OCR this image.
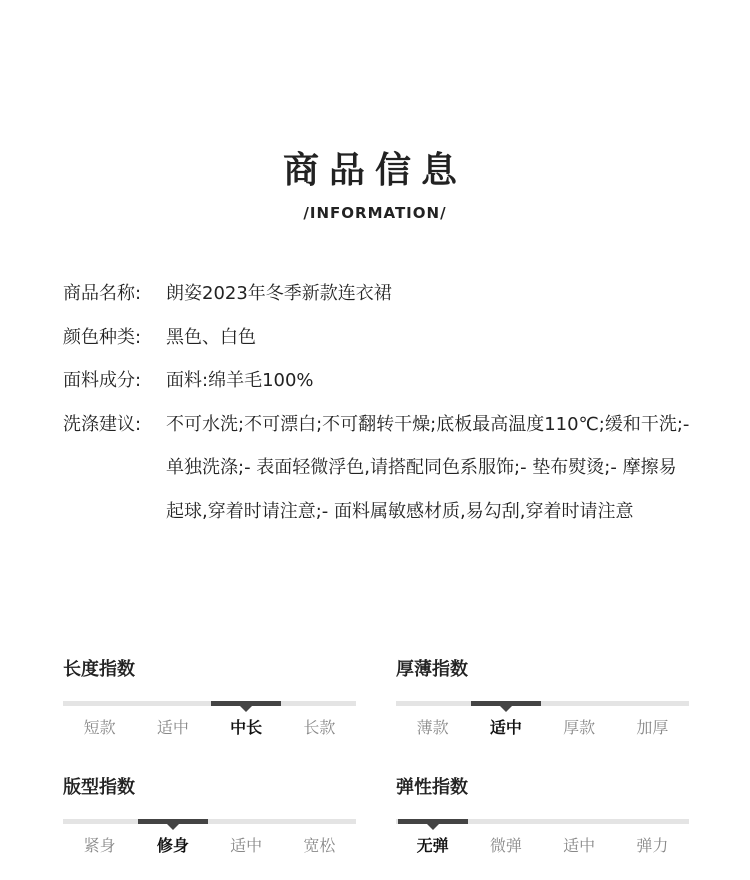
商品信息
/INFORMATION/
商品名称:	朗姿2023年冬季新款连衣裙
颜色种类:	黑色、白色
面料成分:	面料:绵羊毛100%
洗涤建议:	不可水洗;不可漂白;不可翻转干燥;底板最高温度110℃;缓和干洗;- 单独洗涤;- 表面轻微浮色,请搭配同色系服饰;- 垫布熨烫;- 摩擦易起球,穿着时请注意;- 面料属敏感材质,易勾刮,穿着时请注意
长度指数
短款	适中	中长	长款
厚薄指数
薄款	适中	厚款	加厚
版型指数
紧身	修身	适中	宽松
弹性指数
无弹	微弹	适中	弹力
